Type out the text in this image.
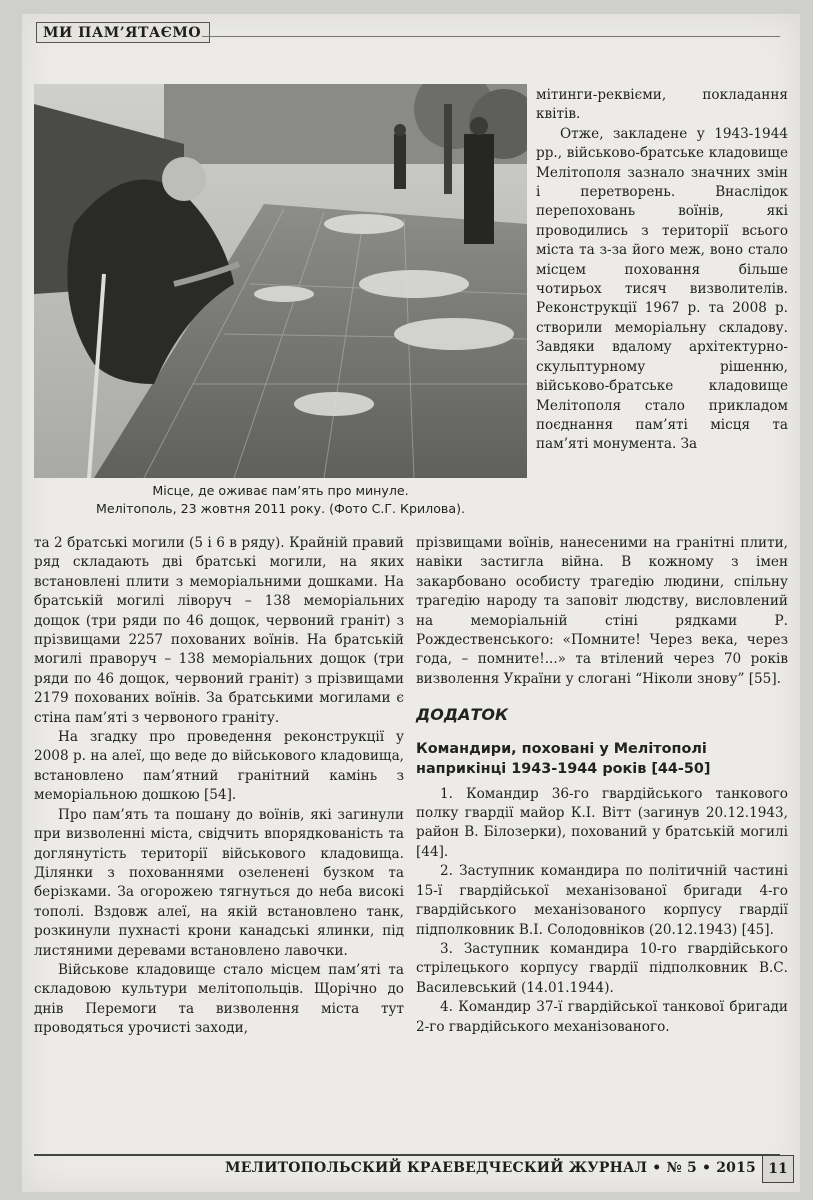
МИ ПАМ’ЯТАЄМО
Місце, де оживає пам’ять про минуле.
Мелітополь, 23 жовтня 2011 року. (Фото С.Г. Крилова).

мітинги-реквієми, покладання квітів.

Отже, закладене у 1943-1944 рр., військово-братське кладовище Мелітополя зазнало значних змін і перетворень. Внаслідок перепоховань воїнів, які проводились з території всього міста та з-за його меж, воно стало місцем поховання більше чотирьох тисяч визволителів. Реконструкції 1967 р. та 2008 р. створили меморіальну складову. Завдяки вдалому архітектурно-скульптурному рішенню, військово-братське кладовище Мелітополя стало прикладом поєднання пам’яті місця та пам’яті монумента. За

та 2 братські могили (5 і 6 в ряду). Крайній правий ряд складають дві братські могили, на яких встановлені плити з меморіальними дошками. На братській могилі ліворуч – 138 меморіальних дощок (три ряди по 46 дощок, червоний граніт) з прізвищами 2257 похованих воїнів. На братській могилі праворуч – 138 меморіальних дощок (три ряди по 46 дощок, червоний граніт) з прізвищами 2179 похованих воїнів. За братськими могилами є стіна пам’яті з червоного граніту.

На згадку про проведення реконструкції у 2008 р. на алеї, що веде до військового кладовища, встановлено пам’ятний гранітний камінь з меморіальною дошкою [54].

Про пам’ять та пошану до воїнів, які загинули при визволенні міста, свідчить впорядкованість та доглянутість території військового кладовища. Ділянки з похованнями озеленені бузком та берізками. За огорожею тягнуться до неба високі тополі. Вздовж алеї, на якій встановлено танк, розкинули пухнасті крони канадські ялинки, під листяними деревами встановлено лавочки.

Військове кладовище стало місцем пам’яті та складовою культури мелітопольців. Щорічно до днів Перемоги та визволення міста тут проводяться урочисті заходи,

прізвищами воїнів, нанесеними на гранітні плити, навіки застигла війна. В кожному з імен закарбовано особисту трагедію людини, спільну трагедію народу та заповіт людству, висловлений на меморіальній стіні рядками Р. Рождественського: «Помните! Через века, через года, – помните!...» та втілений через 70 років визволення України у слогані “Ніколи знову” [55].

ДОДАТОК

Командири, поховані у Мелітополі наприкінці 1943-1944 років [44-50]

1. Командир 36-го гвардійського танкового полку гвардії майор К.І. Вітт (загинув 20.12.1943, район В. Білозерки), похований у братській могилі [44].

2. Заступник командира по політичній частині 15-ї гвардійської механізованої бригади 4-го гвардійського механізованого корпусу гвардії підполковник В.І. Солодовніков (20.12.1943) [45].

3. Заступник командира 10-го гвардійського стрілецького корпусу гвардії підполковник В.С. Василевський (14.01.1944).

4. Командир 37-ї гвардійської танкової бригади 2-го гвардійського механізованого.

МЕЛИТОПОЛЬСКИЙ КРАЕВЕДЧЕСКИЙ ЖУРНАЛ • № 5 • 2015 11
